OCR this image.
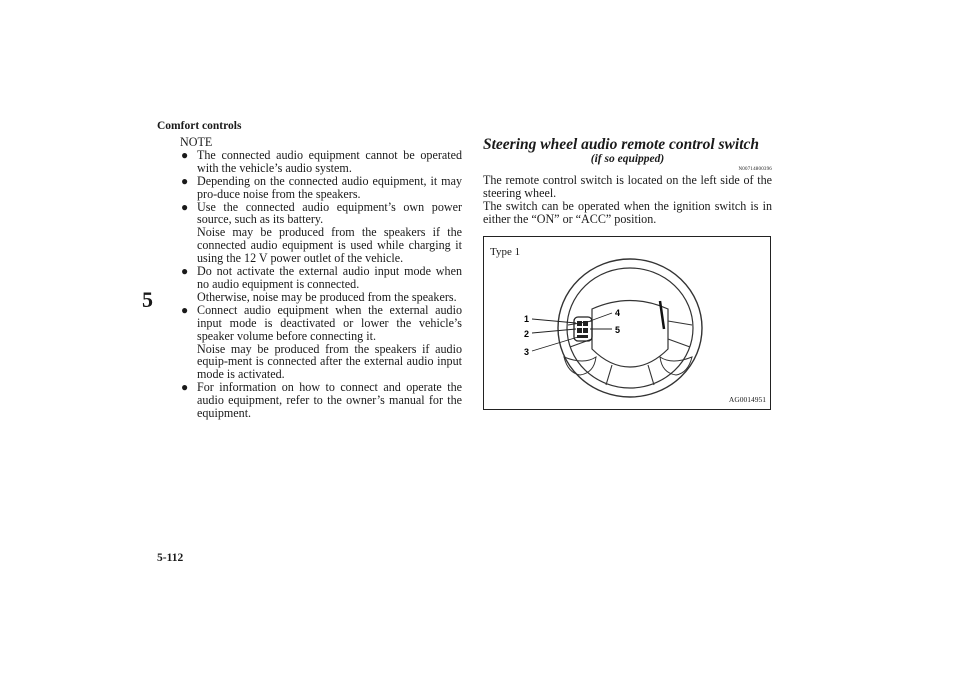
Comfort controls
5
5-112
NOTE
● The connected audio equipment cannot be operated with the vehicle’s audio system.

● Depending on the connected audio equipment, it may pro-duce noise from the speakers.

● Use the connected audio equipment’s own power source, such as its battery.

Noise may be produced from the speakers if the connected audio equipment is used while charging it using the 12 V power outlet of the vehicle.

● Do not activate the external audio input mode when no audio equipment is connected.

Otherwise, noise may be produced from the speakers.

● Connect audio equipment when the external audio input mode is deactivated or lower the vehicle’s speaker volume before connecting it.

Noise may be produced from the speakers if audio equip-ment is connected after the external audio input mode is activated.

● For information on how to connect and operate the audio equipment, refer to the owner’s manual for the equipment.

Steering wheel audio remote control switch

(if so equipped)

N00714800396

The remote control switch is located on the left side of the steering wheel.

The switch can be operated when the ignition switch is in either the “ON” or “ACC” position.

Type 1
1
2
3
4
5
AG0014951
